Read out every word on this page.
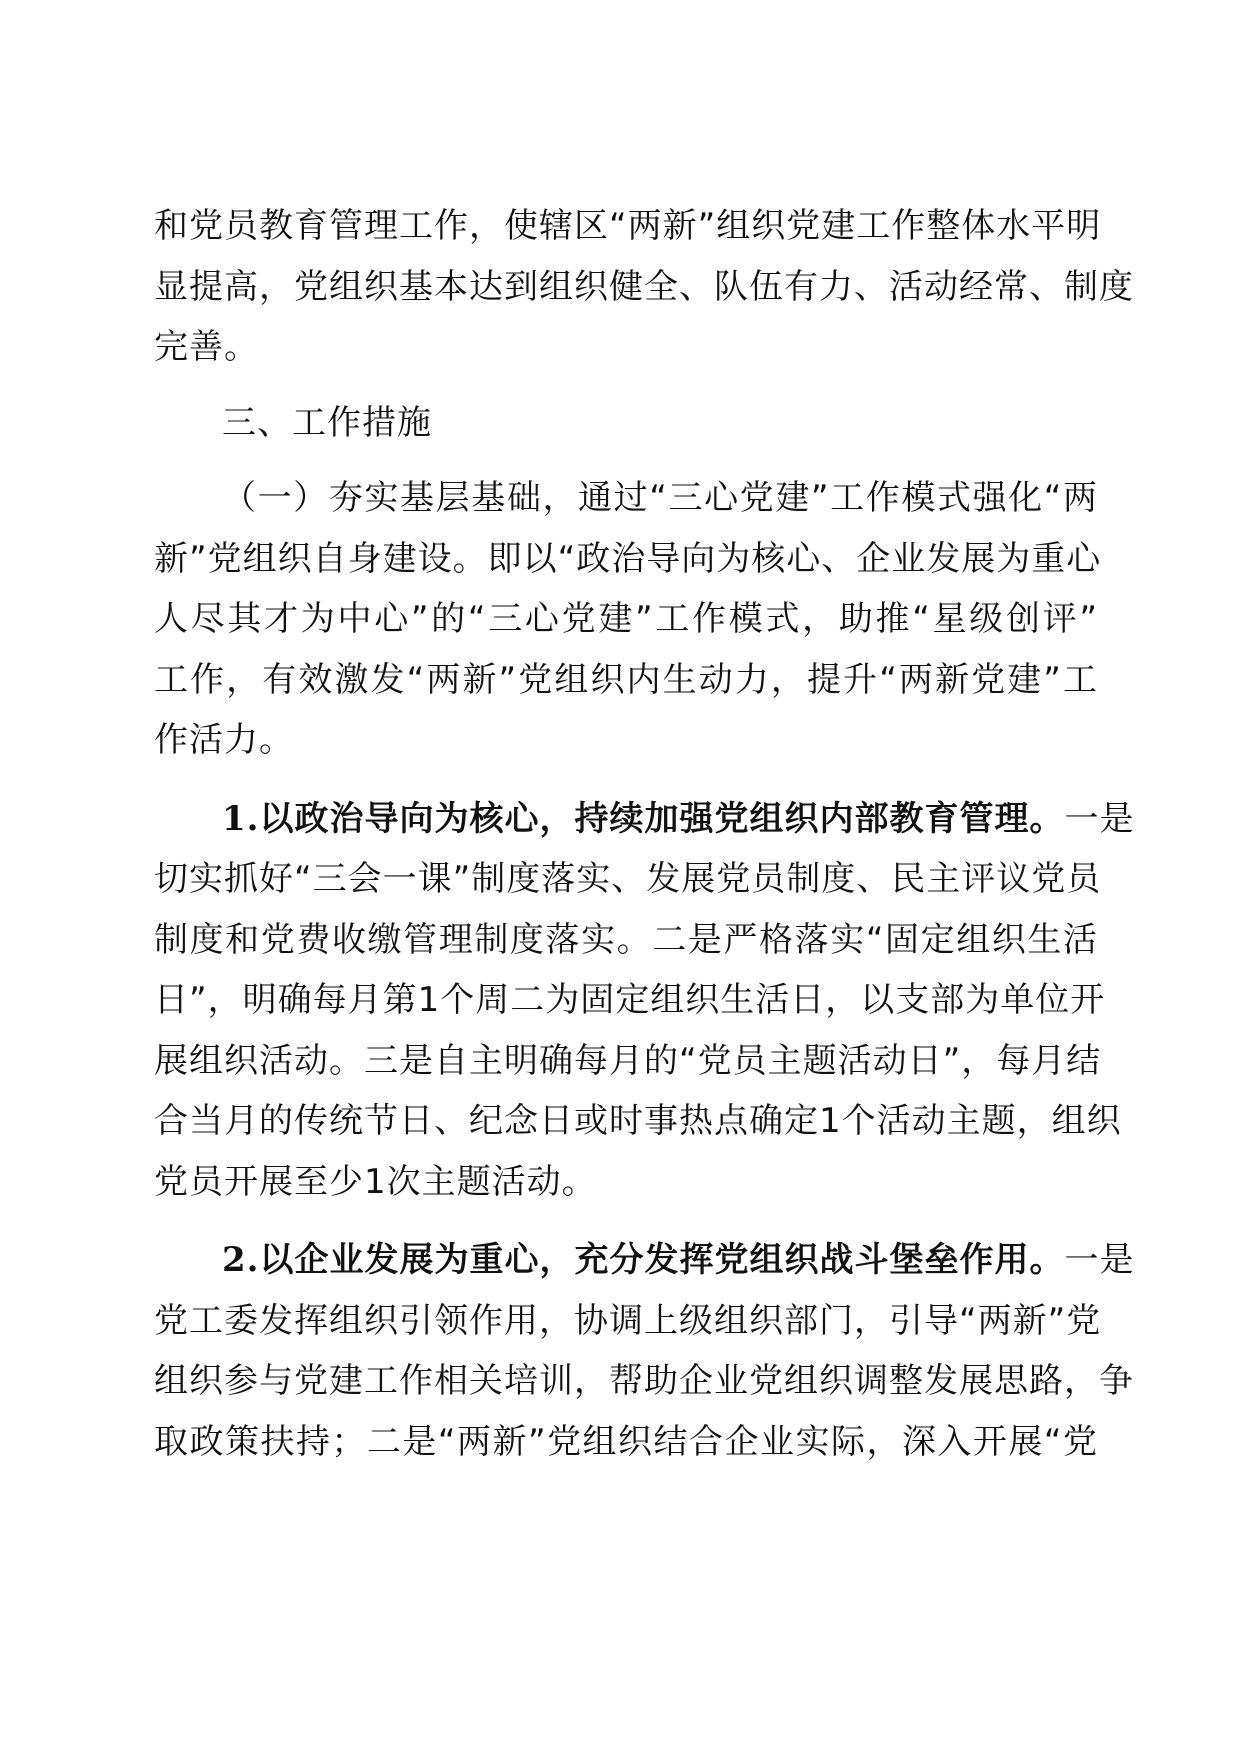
和党员教育管理工作，使辖区“两新”组织党建工作整体水平明
显提高，党组织基本达到组织健全、队伍有力、活动经常、制度
完善。
三、工作措施
（一）夯实基层基础，通过“三心党建”工作模式强化“两
新”党组织自身建设。即以“政治导向为核心、企业发展为重心
人尽其才为中心”的“三心党建”工作模式，助推“星级创评”
工作，有效激发“两新”党组织内生动力，提升“两新党建”工
作活力。
1.以政治导向为核心，持续加强党组织内部教育管理。一是
切实抓好“三会一课”制度落实、发展党员制度、民主评议党员
制度和党费收缴管理制度落实。二是严格落实“固定组织生活
日”，明确每月第1个周二为固定组织生活日，以支部为单位开
展组织活动。三是自主明确每月的“党员主题活动日”，每月结
合当月的传统节日、纪念日或时事热点确定1个活动主题，组织
党员开展至少1次主题活动。
2.以企业发展为重心，充分发挥党组织战斗堡垒作用。一是
党工委发挥组织引领作用，协调上级组织部门，引导“两新”党
组织参与党建工作相关培训，帮助企业党组织调整发展思路，争
取政策扶持；二是“两新”党组织结合企业实际，深入开展“党
